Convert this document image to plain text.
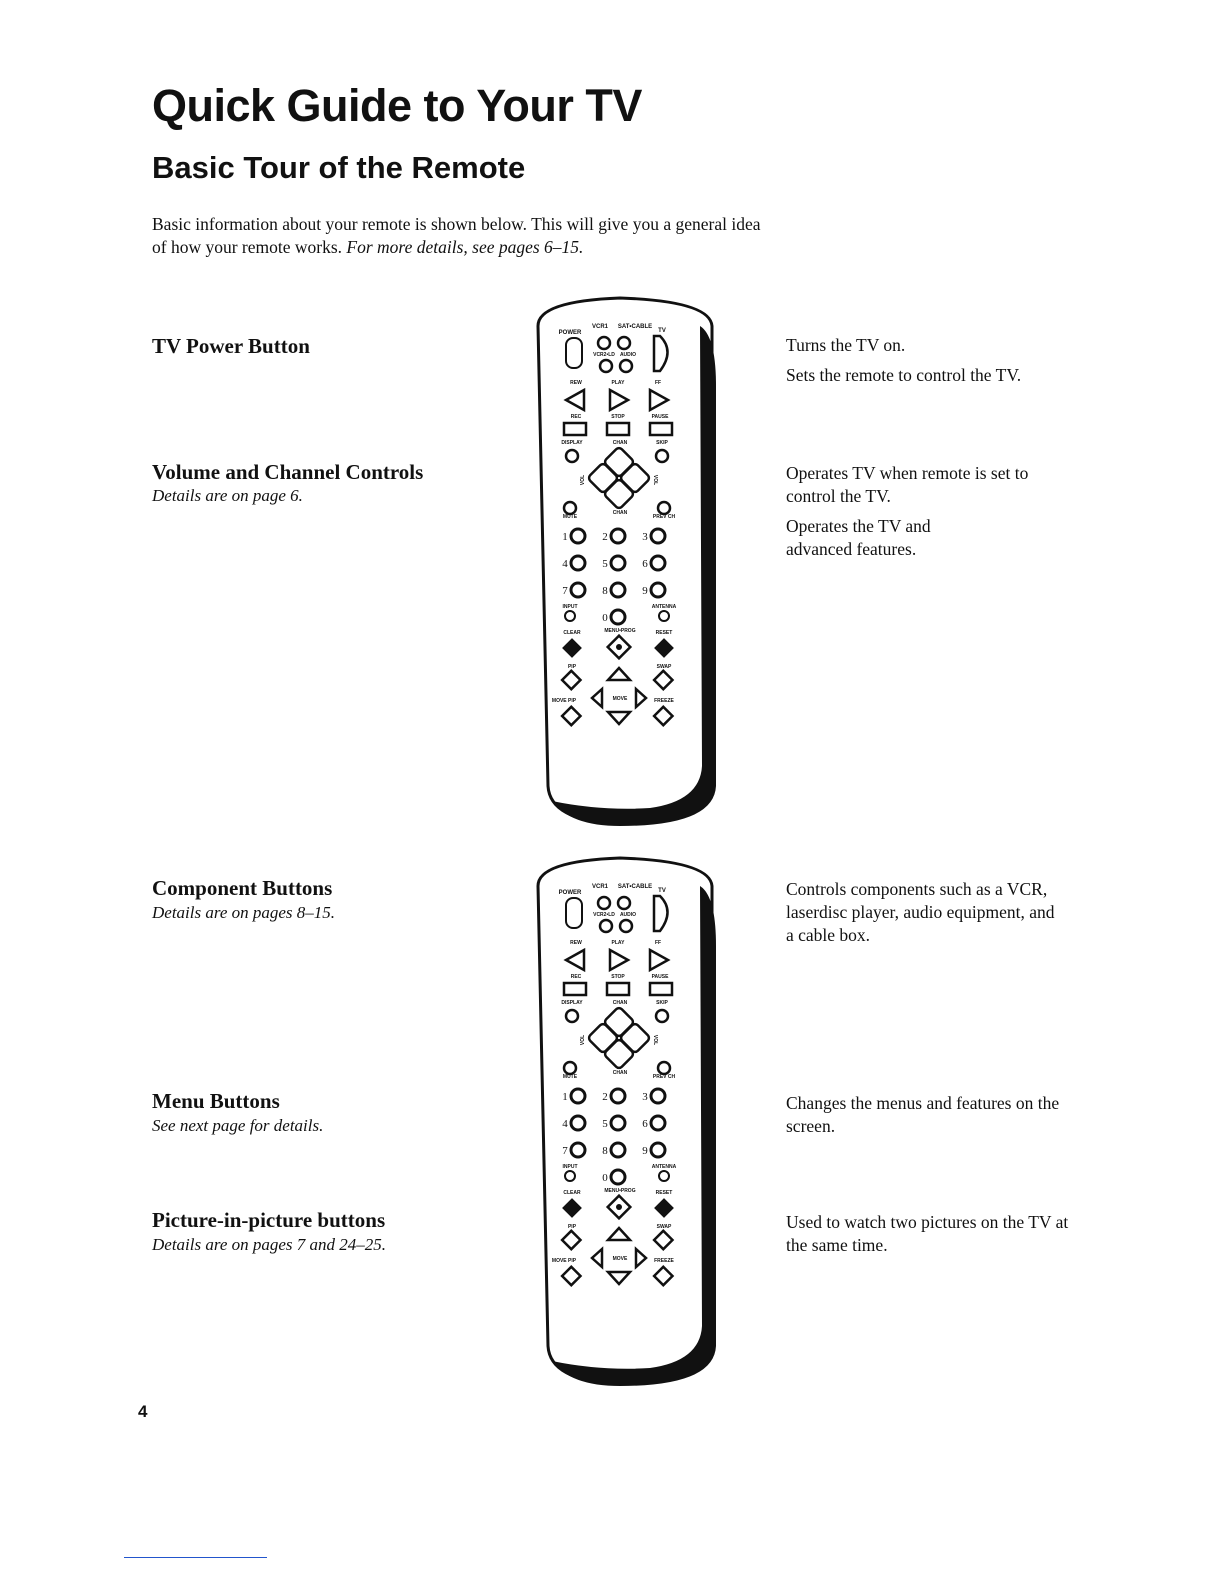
Quick Guide to Your TV
Basic Tour of the Remote

Basic information about your remote is shown below. This will give you a general idea of how your remote works. For more details, see pages 6–15.

TV Power Button	Turns the TV on.

Sets the remote to control the TV.

Volume and Channel Controls

Details are on page 6.

Operates TV when remote is set to control the TV.

Operates the TV and advanced features.

Component Buttons

Details are on pages 8–15.

Controls components such as a VCR, laserdisc player, audio equipment, and a cable box.

Menu Buttons

See next page for details.

Changes the menus and features on the screen.

Picture-in-picture buttons

Details are on pages 7 and 24–25.

Used to watch two pictures on the TV at the same time.

POWER
VCR1 SAT•CABLE
TV
VCR2•LD AUDIO
REW	PLAY	FF
REC	STOP	PAUSE
DISPLAY	CHAN	SKIP
VOL	VOL
MUTE
CHAN
PREV CH
1	2	3
4	5	6
7	8	9
0
INPUT	ANTENNA
CLEAR	MENU•PROG	RESET
PIP	SWAP
MOVE PIP	MOVE	FREEZE
POWER
VCR1 SAT•CABLE
TV
VCR2•LD AUDIO
REW	PLAY	FF
REC	STOP	PAUSE
DISPLAY	CHAN	SKIP
VOL	VOL
MUTE
CHAN
PREV CH
1	2	3
4	5	6
7	8	9
0
INPUT	ANTENNA
CLEAR	MENU•PROG	RESET
PIP	SWAP
MOVE PIP	MOVE	FREEZE
4
